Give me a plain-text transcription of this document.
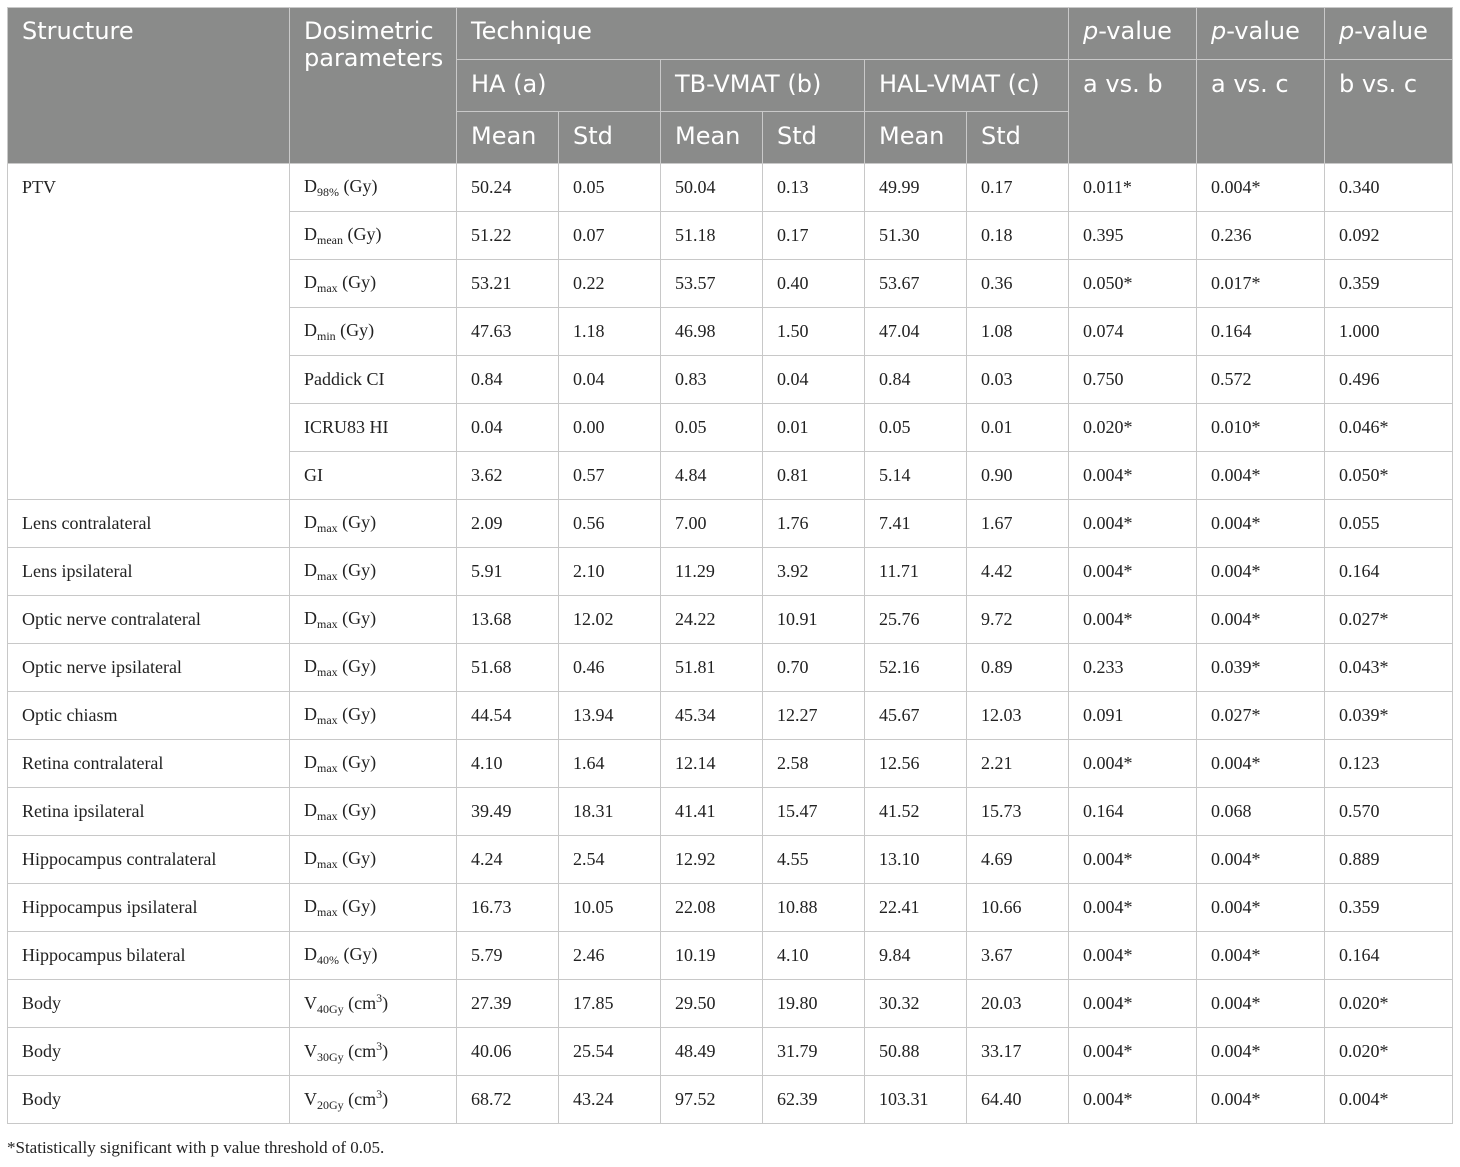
Structure	Dosimetric parameters	Technique						p-value	p-value	p-value
		HA (a)		TB-VMAT (b)		HAL-VMAT (c)		a vs. b	a vs. c	b vs. c
		Mean	Std	Mean	Std	Mean	Std			
PTV	$D_{98\%}$ (Gy)	50.24	0.05	50.04	0.13	49.99	0.17	0.011*	0.004*	0.340
	$D_{mean}$ (Gy)	51.22	0.07	51.18	0.17	51.30	0.18	0.395	0.236	0.092
	$D_{max}$ (Gy)	53.21	0.22	53.57	0.40	53.67	0.36	0.050*	0.017*	0.359
	$D_{min}$ (Gy)	47.63	1.18	46.98	1.50	47.04	1.08	0.074	0.164	1.000
	Paddick CI	0.84	0.04	0.83	0.04	0.84	0.03	0.750	0.572	0.496
	ICRU83 HI	0.04	0.00	0.05	0.01	0.05	0.01	0.020*	0.010*	0.046*
	GI	3.62	0.57	4.84	0.81	5.14	0.90	0.004*	0.004*	0.050*
Lens contralateral	$D_{max}$ (Gy)	2.09	0.56	7.00	1.76	7.41	1.67	0.004*	0.004*	0.055
Lens ipsilateral	$D_{max}$ (Gy)	5.91	2.10	11.29	3.92	11.71	4.42	0.004*	0.004*	0.164
Optic nerve contralateral	$D_{max}$ (Gy)	13.68	12.02	24.22	10.91	25.76	9.72	0.004*	0.004*	0.027*
Optic nerve ipsilateral	$D_{max}$ (Gy)	51.68	0.46	51.81	0.70	52.16	0.89	0.233	0.039*	0.043*
Optic chiasm	$D_{max}$ (Gy)	44.54	13.94	45.34	12.27	45.67	12.03	0.091	0.027*	0.039*
Retina contralateral	$D_{max}$ (Gy)	4.10	1.64	12.14	2.58	12.56	2.21	0.004*	0.004*	0.123
Retina ipsilateral	$D_{max}$ (Gy)	39.49	18.31	41.41	15.47	41.52	15.73	0.164	0.068	0.570
Hippocampus contralateral	$D_{max}$ (Gy)	4.24	2.54	12.92	4.55	13.10	4.69	0.004*	0.004*	0.889
Hippocampus ipsilateral	$D_{max}$ (Gy)	16.73	10.05	22.08	10.88	22.41	10.66	0.004*	0.004*	0.359
Hippocampus bilateral	$D_{40\%}$ (Gy)	5.79	2.46	10.19	4.10	9.84	3.67	0.004*	0.004*	0.164
Body	$V_{40Gy}$ $(cm^3)$	27.39	17.85	29.50	19.80	30.32	20.03	0.004*	0.004*	0.020*
Body	$V_{30Gy}$ $(cm^3)$	40.06	25.54	48.49	31.79	50.88	33.17	0.004*	0.004*	0.020*
Body	$V_{20Gy}$ $(cm^3)$	68.72	43.24	97.52	62.39	103.31	64.40	0.004*	0.004*	0.004*
*Statistically significant with p value threshold of 0.05.
